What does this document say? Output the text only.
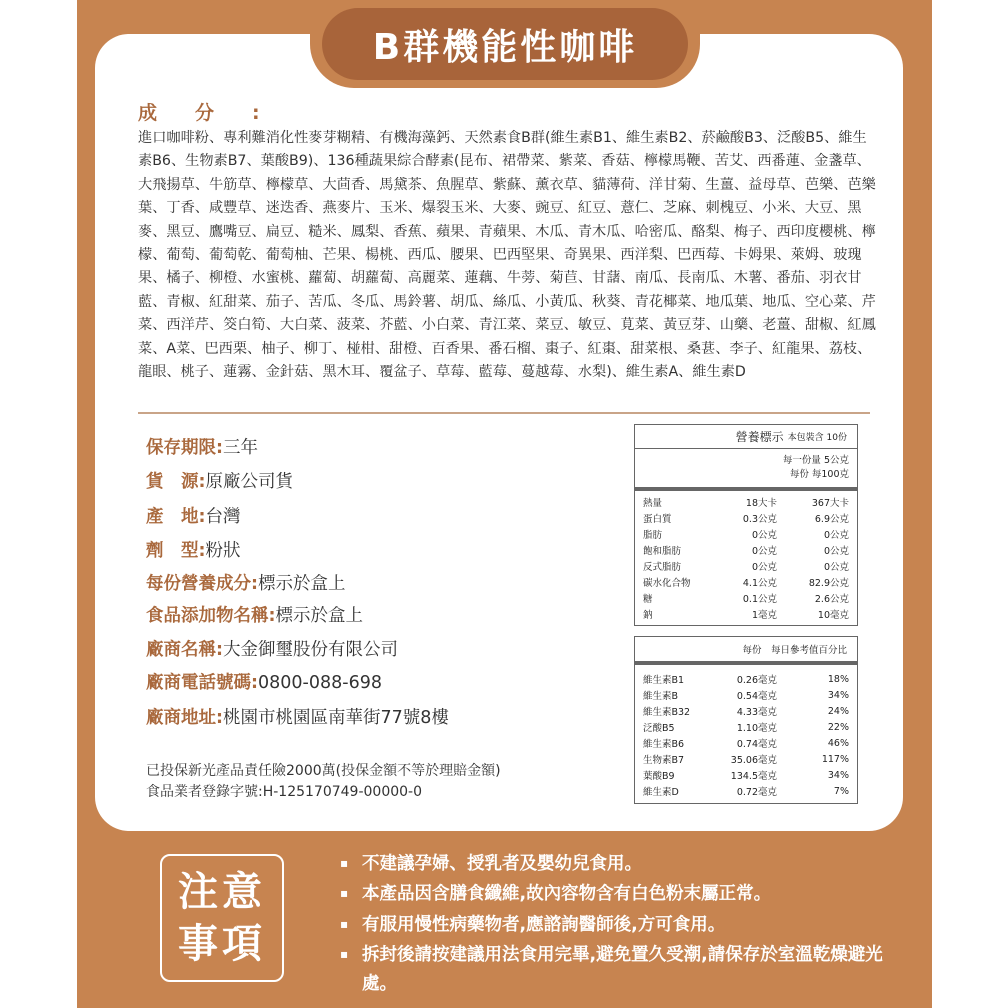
B群機能性咖啡
成分:
進口咖啡粉、專利難消化性麥芽糊精、有機海藻鈣、天然素食B群(維生素B1、維生素B2、菸鹼酸B3、泛酸B5、維生素B6、生物素B7、葉酸B9)、136種蔬果綜合酵素(昆布、裙帶菜、紫菜、香菇、檸檬馬鞭、苦艾、西番蓮、金盞草、大飛揚草、牛筋草、檸檬草、大茴香、馬黛茶、魚腥草、紫蘇、薰衣草、貓薄荷、洋甘菊、生薑、益母草、芭樂、芭樂葉、丁香、咸豐草、迷迭香、燕麥片、玉米、爆裂玉米、大麥、豌豆、紅豆、薏仁、芝麻、刺槐豆、小米、大豆、黑麥、黑豆、鷹嘴豆、扁豆、糙米、鳳梨、香蕉、蘋果、青蘋果、木瓜、青木瓜、哈密瓜、酪梨、梅子、西印度櫻桃、檸檬、葡萄、葡萄乾、葡萄柚、芒果、楊桃、西瓜、腰果、巴西堅果、奇異果、西洋梨、巴西莓、卡姆果、萊姆、玻瑰果、橘子、柳橙、水蜜桃、蘿蔔、胡蘿蔔、高麗菜、蓮藕、牛蒡、菊苣、甘藷、南瓜、長南瓜、木薯、番茄、羽衣甘藍、青椒、紅甜菜、茄子、苦瓜、冬瓜、馬鈴薯、胡瓜、絲瓜、小黃瓜、秋葵、青花椰菜、地瓜葉、地瓜、空心菜、芹菜、西洋芹、筊白筍、大白菜、菠菜、芥藍、小白菜、青江菜、菜豆、敏豆、莧菜、黃豆芽、山藥、老薑、甜椒、紅鳳菜、A菜、巴西栗、柚子、柳丁、椪柑、甜橙、百香果、番石榴、棗子、紅棗、甜菜根、桑葚、李子、紅龍果、荔枝、龍眼、桃子、蓮霧、金針菇、黑木耳、覆盆子、草莓、藍莓、蔓越莓、水梨)、維生素A、維生素D
保存期限:三年
貨　源:原廠公司貨
產　地:台灣
劑　型:粉狀
每份營養成分:標示於盒上
食品添加物名稱:標示於盒上
廠商名稱:大金御璽股份有限公司
廠商電話號碼:0800-088-698
廠商地址:桃園市桃園區南華街77號8樓
已投保新光產品責任險2000萬(投保金額不等於理賠金額)
食品業者登錄字號:H-125170749-00000-0
營養標示 本包裝含 10份
每一份量 5公克
每份 每100克
熱量	18大卡	367大卡
蛋白質	0.3公克	6.9公克
脂肪	0公克	0公克
飽和脂肪	0公克	0公克
反式脂肪	0公克	0公克
碳水化合物	4.1公克	82.9公克
糖	0.1公克	2.6公克
鈉	1毫克	10毫克
每份　每日參考值百分比
維生素B1	0.26毫克	18%
維生素B	0.54毫克	34%
維生素B32	4.33毫克	24%
泛酸B5	1.10毫克	22%
維生素B6	0.74毫克	46%
生物素B7	35.06毫克	117%
葉酸B9	134.5毫克	34%
維生素D	0.72毫克	7%
注意
事項
▪ 不建議孕婦、授乳者及嬰幼兒食用。
▪ 本產品因含膳食纖維,故內容物含有白色粉末屬正常。
▪ 有服用慢性病藥物者,應諮詢醫師後,方可食用。
▪ 拆封後請按建議用法食用完畢,避免置久受潮,請保存於室溫乾燥避光處。
